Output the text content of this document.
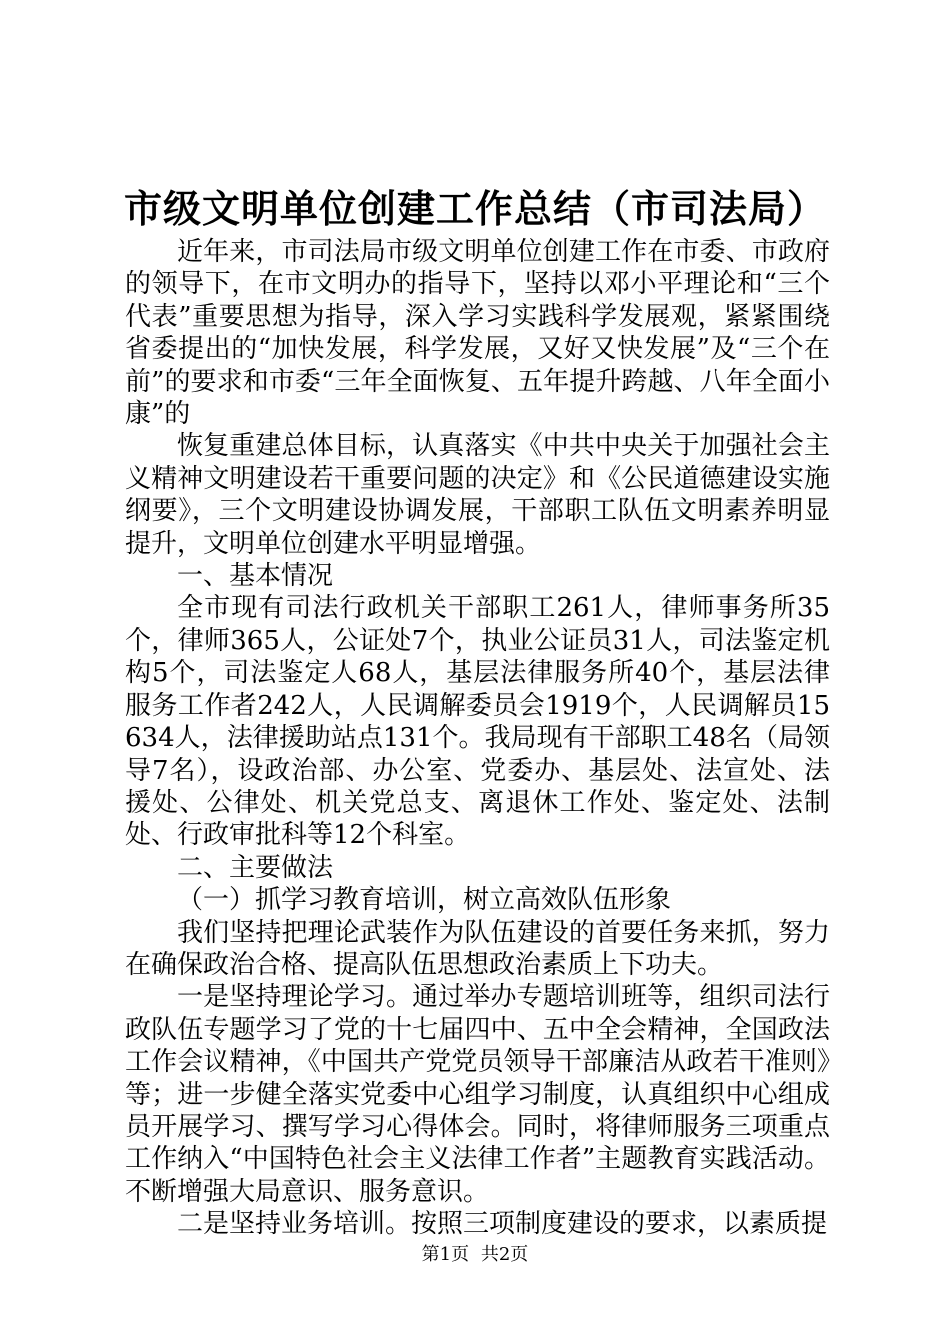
市级文明单位创建工作总结（市司法局）

近年来，市司法局市级文明单位创建工作在市委、市政府的领导下，在市文明办的指导下，坚持以邓小平理论和“三个代表”重要思想为指导，深入学习实践科学发展观，紧紧围绕省委提出的“加快发展，科学发展，又好又快发展”及“三个在前”的要求和市委“三年全面恢复、五年提升跨越、八年全面小康”的

恢复重建总体目标，认真落实《中共中央关于加强社会主义精神文明建设若干重要问题的决定》和《公民道德建设实施纲要》，三个文明建设协调发展，干部职工队伍文明素养明显提升，文明单位创建水平明显增强。

一、基本情况

全市现有司法行政机关干部职工261人，律师事务所35个，律师365人，公证处7个，执业公证员31人，司法鉴定机构5个，司法鉴定人68人，基层法律服务所40个，基层法律服务工作者242人，人民调解委员会1919个，人民调解员15634人，法律援助站点131个。我局现有干部职工48名（局领导7名），设政治部、办公室、党委办、基层处、法宣处、法援处、公律处、机关党总支、离退休工作处、鉴定处、法制处、行政审批科等12个科室。

二、主要做法

（一）抓学习教育培训，树立高效队伍形象

我们坚持把理论武装作为队伍建设的首要任务来抓，努力在确保政治合格、提高队伍思想政治素质上下功夫。

一是坚持理论学习。通过举办专题培训班等，组织司法行政队伍专题学习了党的十七届四中、五中全会精神，全国政法工作会议精神，《中国共产党党员领导干部廉洁从政若干准则》等；进一步健全落实党委中心组学习制度，认真组织中心组成员开展学习、撰写学习心得体会。同时，将律师服务三项重点工作纳入“中国特色社会主义法律工作者”主题教育实践活动。不断增强大局意识、服务意识。

二是坚持业务培训。按照三项制度建设的要求，以素质提

第1页 共2页
